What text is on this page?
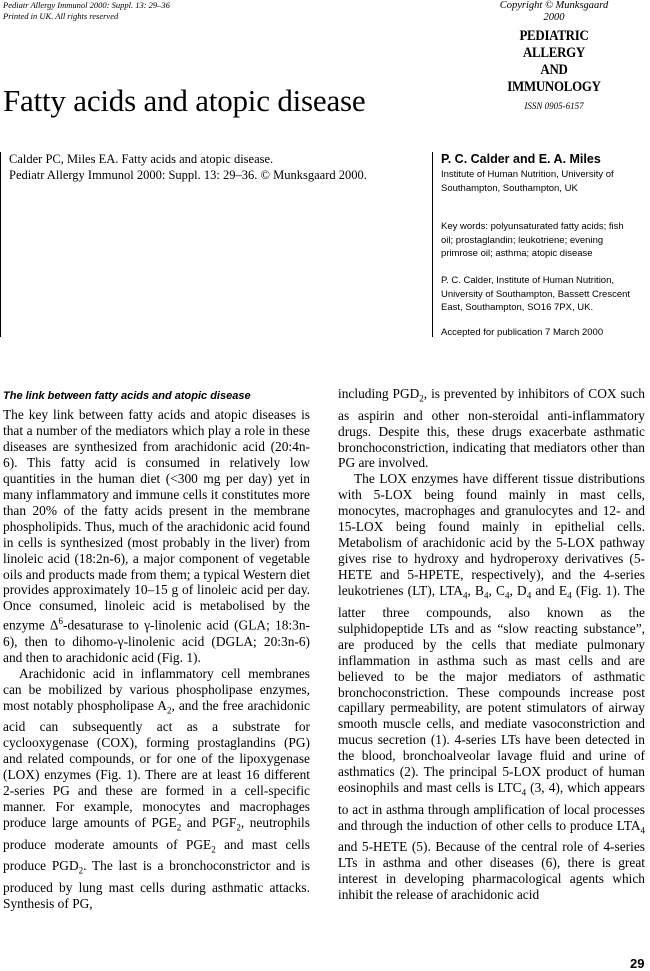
Pediatr Allergy Immunol 2000: Suppl. 13: 29–36
Printed in UK. All rights reserved
Copyright © Munksgaard 2000
PEDIATRIC ALLERGY
AND IMMUNOLOGY
ISSN 0905-6157
Fatty acids and atopic disease
Calder PC, Miles EA. Fatty acids and atopic disease.
Pediatr Allergy Immunol 2000: Suppl. 13: 29–36. © Munksgaard 2000.
P. C. Calder and E. A. Miles
Institute of Human Nutrition, University of
Southampton, Southampton, UK
Key words: polyunsaturated fatty acids; fish
oil; prostaglandin; leukotriene; evening
primrose oil; asthma; atopic disease
P. C. Calder, Institute of Human Nutrition,
University of Southampton, Bassett Crescent
East, Southampton, SO16 7PX, UK.
Accepted for publication 7 March 2000
The link between fatty acids and atopic disease

The key link between fatty acids and atopic diseases is that a number of the mediators which play a role in these diseases are synthesized from arachidonic acid (20:4n-6). This fatty acid is consumed in relatively low quantities in the human diet (<300 mg per day) yet in many inflammatory and immune cells it constitutes more than 20% of the fatty acids present in the membrane phospholipids. Thus, much of the arachidonic acid found in cells is synthesized (most probably in the liver) from linoleic acid (18:2n-6), a major component of vegetable oils and products made from them; a typical Western diet provides approximately 10–15 g of linoleic acid per day. Once consumed, linoleic acid is metabolised by the enzyme $\Delta^6$-desaturase to γ-linolenic acid (GLA; 18:3n-6), then to dihomo-γ-linolenic acid (DGLA; 20:3n-6) and then to arachidonic acid (Fig. 1).

Arachidonic acid in inflammatory cell membranes can be mobilized by various phospholipase enzymes, most notably phospholipase $A_2$, and the free arachidonic acid can subsequently act as a substrate for cyclooxygenase (COX), forming prostaglandins (PG) and related compounds, or for one of the lipoxygenase (LOX) enzymes (Fig. 1). There are at least 16 different 2-series PG and these are formed in a cell-specific manner. For example, monocytes and macrophages produce large amounts of $PGE_2$ and $PGF_2$, neutrophils produce moderate amounts of $PGE_2$ and mast cells produce $PGD_2$. The last is a bronchoconstrictor and is produced by lung mast cells during asthmatic attacks. Synthesis of PG,

including $PGD_2$, is prevented by inhibitors of COX such as aspirin and other non-steroidal anti-inflammatory drugs. Despite this, these drugs exacerbate asthmatic bronchoconstriction, indicating that mediators other than PG are involved.

The LOX enzymes have different tissue distributions with 5-LOX being found mainly in mast cells, monocytes, macrophages and granulocytes and 12- and 15-LOX being found mainly in epithelial cells. Metabolism of arachidonic acid by the 5-LOX pathway gives rise to hydroxy and hydroperoxy derivatives (5-HETE and 5-HPETE, respectively), and the 4-series leukotrienes (LT), $LTA_4$, $B_4$, $C_4$, $D_4$ and $E_4$ (Fig. 1). The latter three compounds, also known as the sulphidopeptide LTs and as “slow reacting substance”, are produced by the cells that mediate pulmonary inflammation in asthma such as mast cells and are believed to be the major mediators of asthmatic bronchoconstriction. These compounds increase post capillary permeability, are potent stimulators of airway smooth muscle cells, and mediate vasoconstriction and mucus secretion (1). 4-series LTs have been detected in the blood, bronchoalveolar lavage fluid and urine of asthmatics (2). The principal 5-LOX product of human eosinophils and mast cells is $LTC_4$ (3, 4), which appears to act in asthma through amplification of local processes and through the induction of other cells to produce $LTA_4$ and 5-HETE (5). Because of the central role of 4-series LTs in asthma and other diseases (6), there is great interest in developing pharmacological agents which inhibit the release of arachidonic acid

29
